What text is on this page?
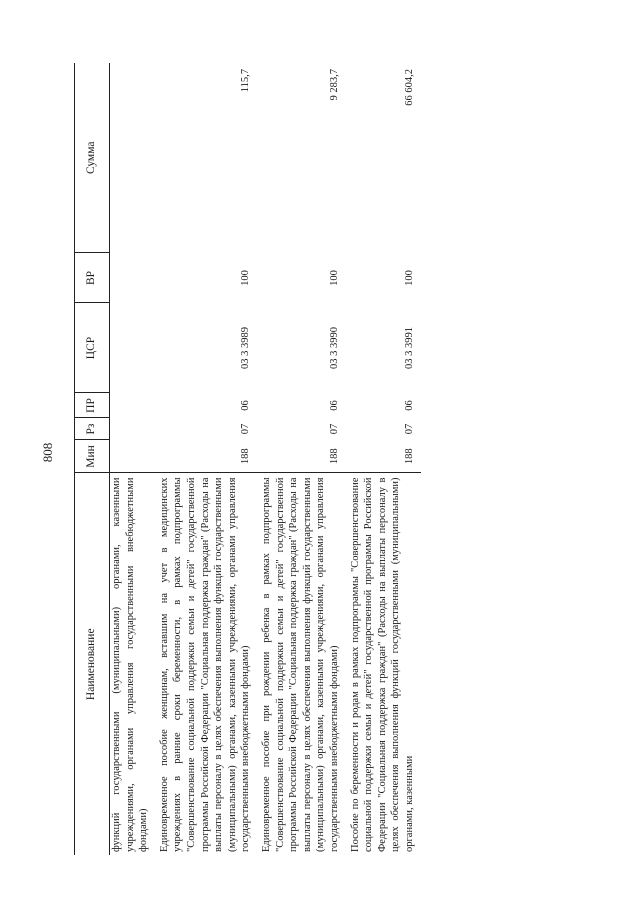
808
Наименование	Мин	Рз	ПР	ЦСР	ВР	Сумма
функций государственными (муниципальными) органами, казенными учреждениями, органами управления государственными внебюджетными фондами)						
Единовременное пособие женщинам, вставшим на учет в медицинских учреждениях в ранние сроки беременности, в рамках подпрограммы "Совершенствование социальной поддержки семьи и детей" государственной программы Российской Федерации "Социальная поддержка граждан" (Расходы на выплаты персоналу в целях обеспечения выполнения функций государственными (муниципальными) органами, казенными учреждениями, органами управления государственными внебюджетными фондами)	188	07	06	03 3 3989	100	115,7
Единовременное пособие при рождении ребенка в рамках подпрограммы "Совершенствование социальной поддержки семьи и детей" государственной программы Российской Федерации "Социальная поддержка граждан" (Расходы на выплаты персоналу в целях обеспечения выполнения функций государственными (муниципальными) органами, казенными учреждениями, органами управления государственными внебюджетными фондами)	188	07	06	03 3 3990	100	9 283,7
Пособие по беременности и родам в рамках подпрограммы "Совершенствование социальной поддержки семьи и детей" государственной программы Российской Федерации "Социальная поддержка граждан" (Расходы на выплаты персоналу в целях обеспечения выполнения функций государственными (муниципальными) органами, казенными	188	07	06	03 3 3991	100	66 604,2
